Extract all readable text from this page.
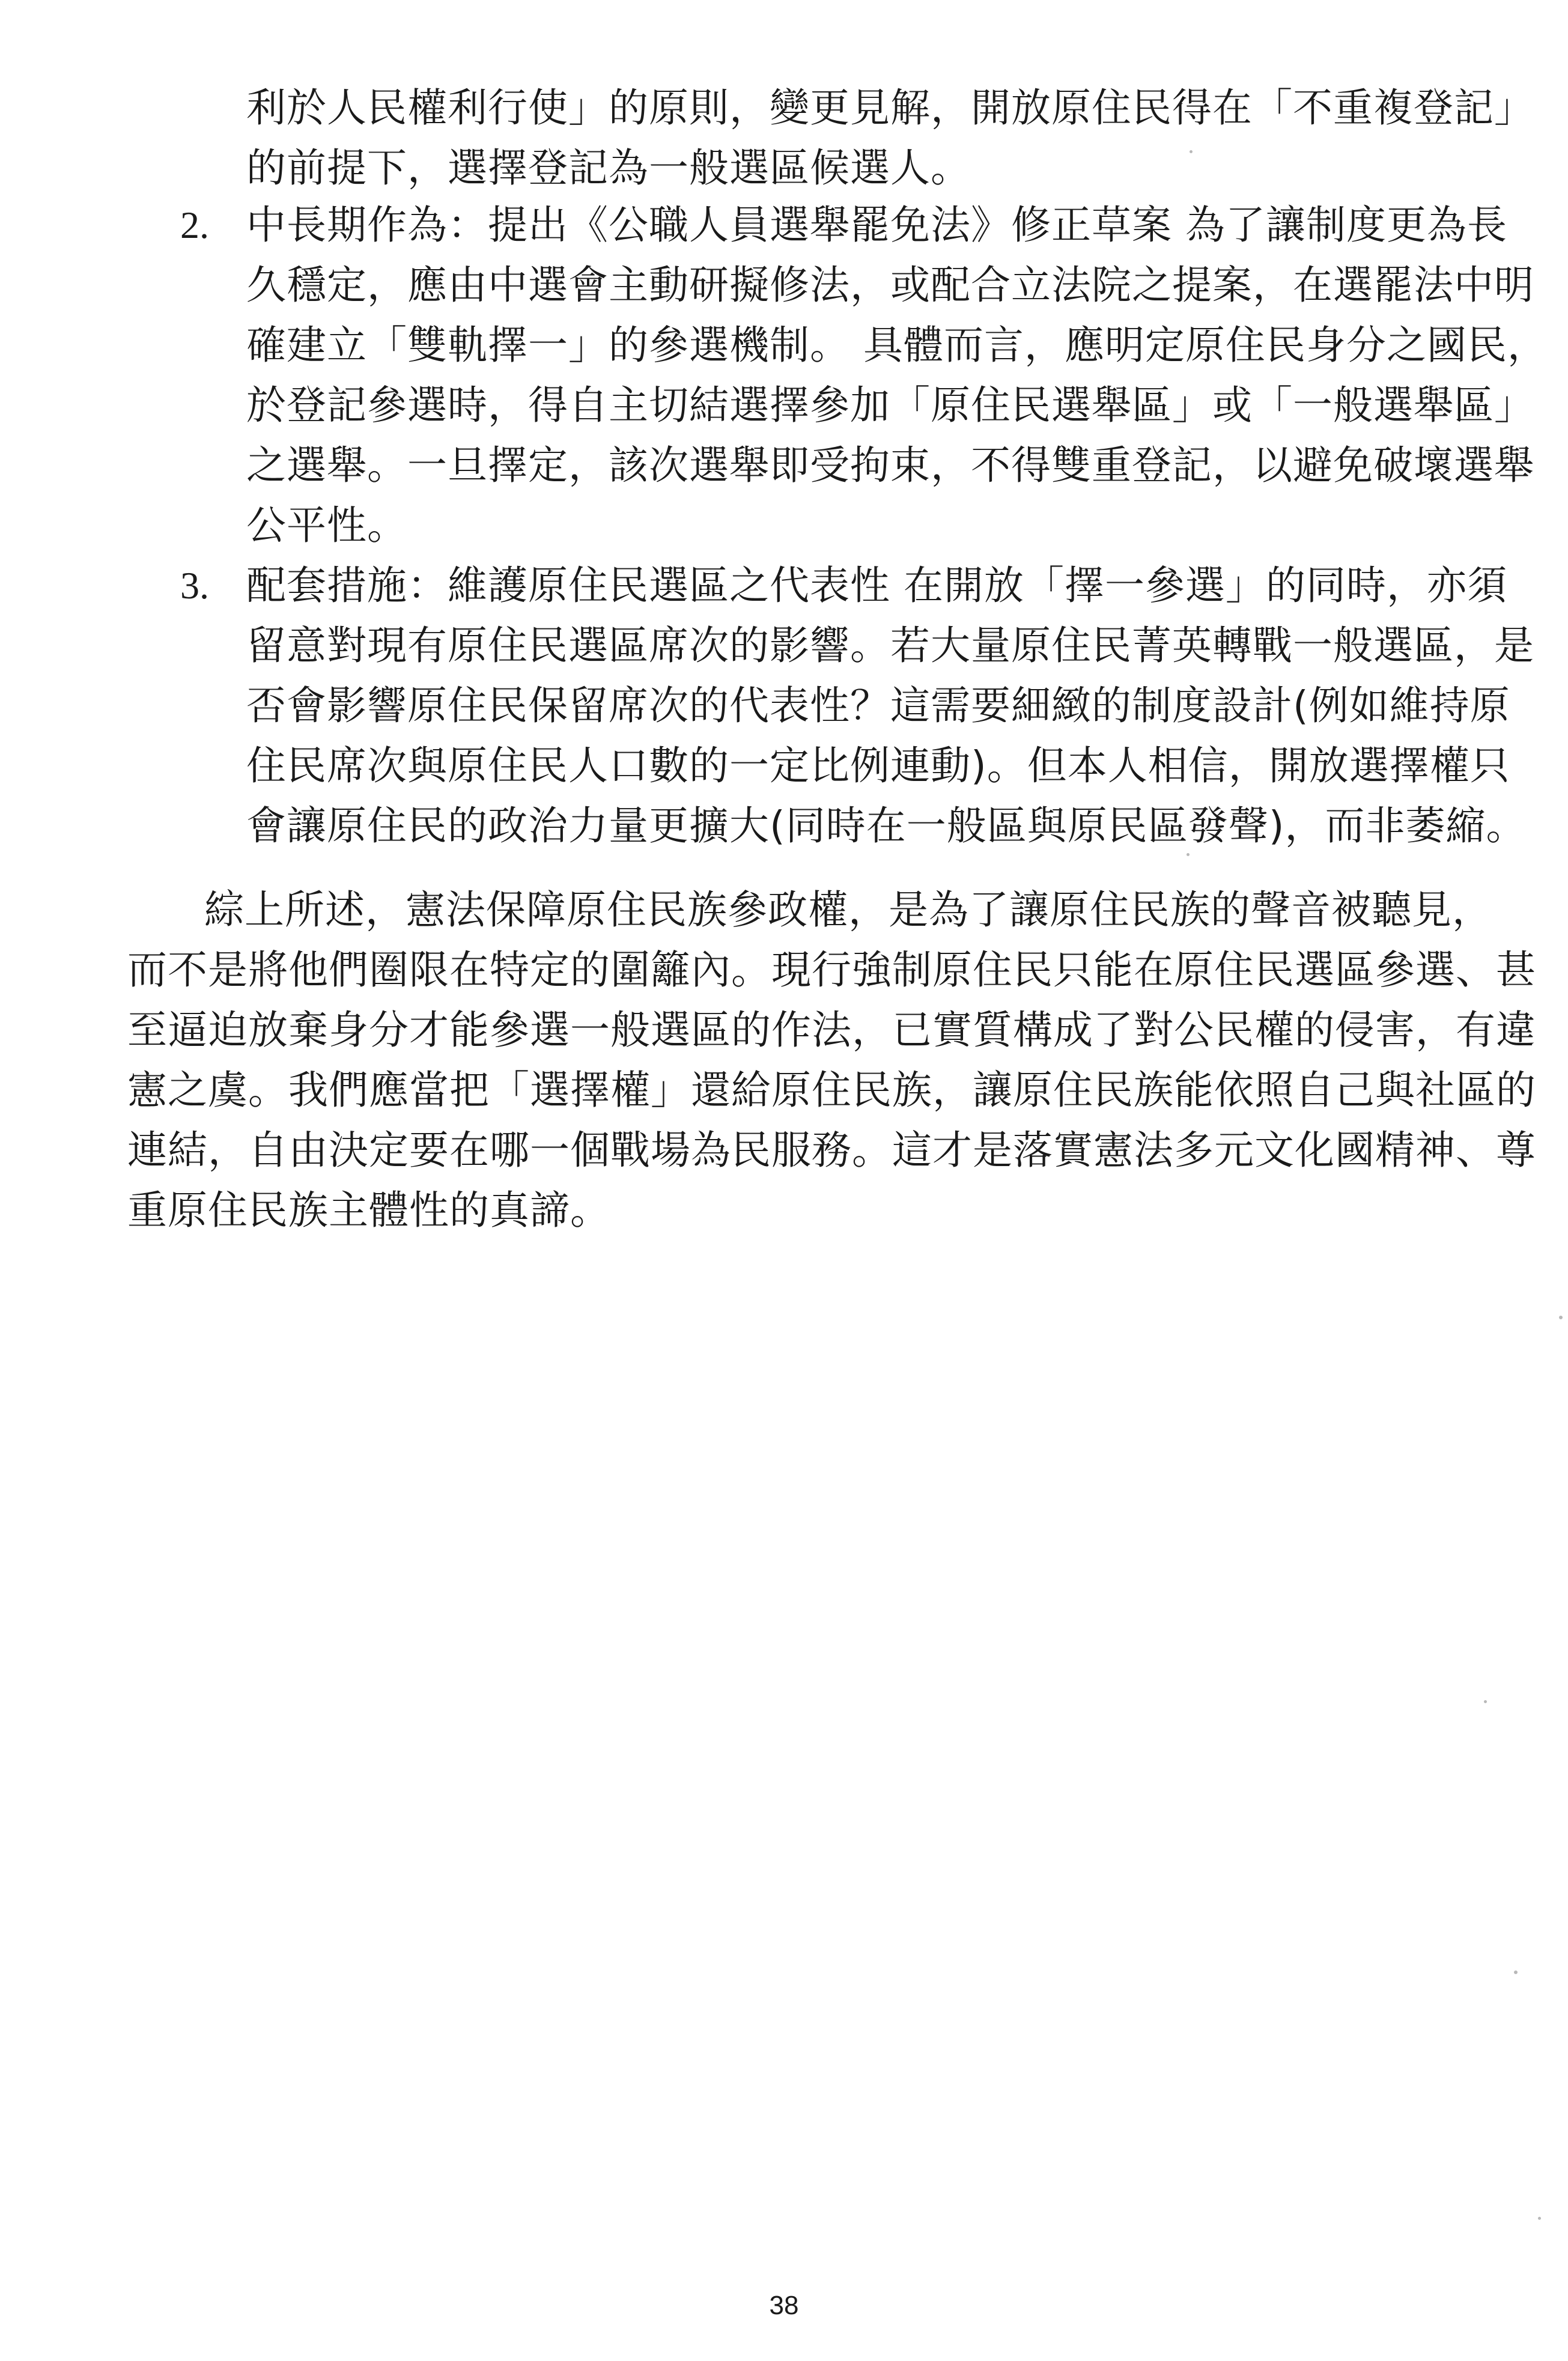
利於人民權利行使」的原則，變更見解，開放原住民得在「不重複登記」
的前提下，選擇登記為一般選區候選人。
2. 中長期作為：提出《公職人員選舉罷免法》修正草案 為了讓制度更為長
久穩定，應由中選會主動研擬修法，或配合立法院之提案，在選罷法中明
確建立「雙軌擇一」的參選機制。 具體而言，應明定原住民身分之國民，
於登記參選時，得自主切結選擇參加「原住民選舉區」或「一般選舉區」
之選舉。一旦擇定，該次選舉即受拘束，不得雙重登記，以避免破壞選舉
公平性。
3. 配套措施：維護原住民選區之代表性 在開放「擇一參選」的同時，亦須
留意對現有原住民選區席次的影響。若大量原住民菁英轉戰一般選區，是
否會影響原住民保留席次的代表性？這需要細緻的制度設計(例如維持原
住民席次與原住民人口數的一定比例連動)。但本人相信，開放選擇權只
會讓原住民的政治力量更擴大(同時在一般區與原民區發聲)，而非萎縮。
綜上所述，憲法保障原住民族參政權，是為了讓原住民族的聲音被聽見，
而不是將他們圈限在特定的圍籬內。現行強制原住民只能在原住民選區參選、甚
至逼迫放棄身分才能參選一般選區的作法，已實質構成了對公民權的侵害，有違
憲之虞。我們應當把「選擇權」還給原住民族，讓原住民族能依照自己與社區的
連結，自由決定要在哪一個戰場為民服務。這才是落實憲法多元文化國精神、尊
重原住民族主體性的真諦。
38
